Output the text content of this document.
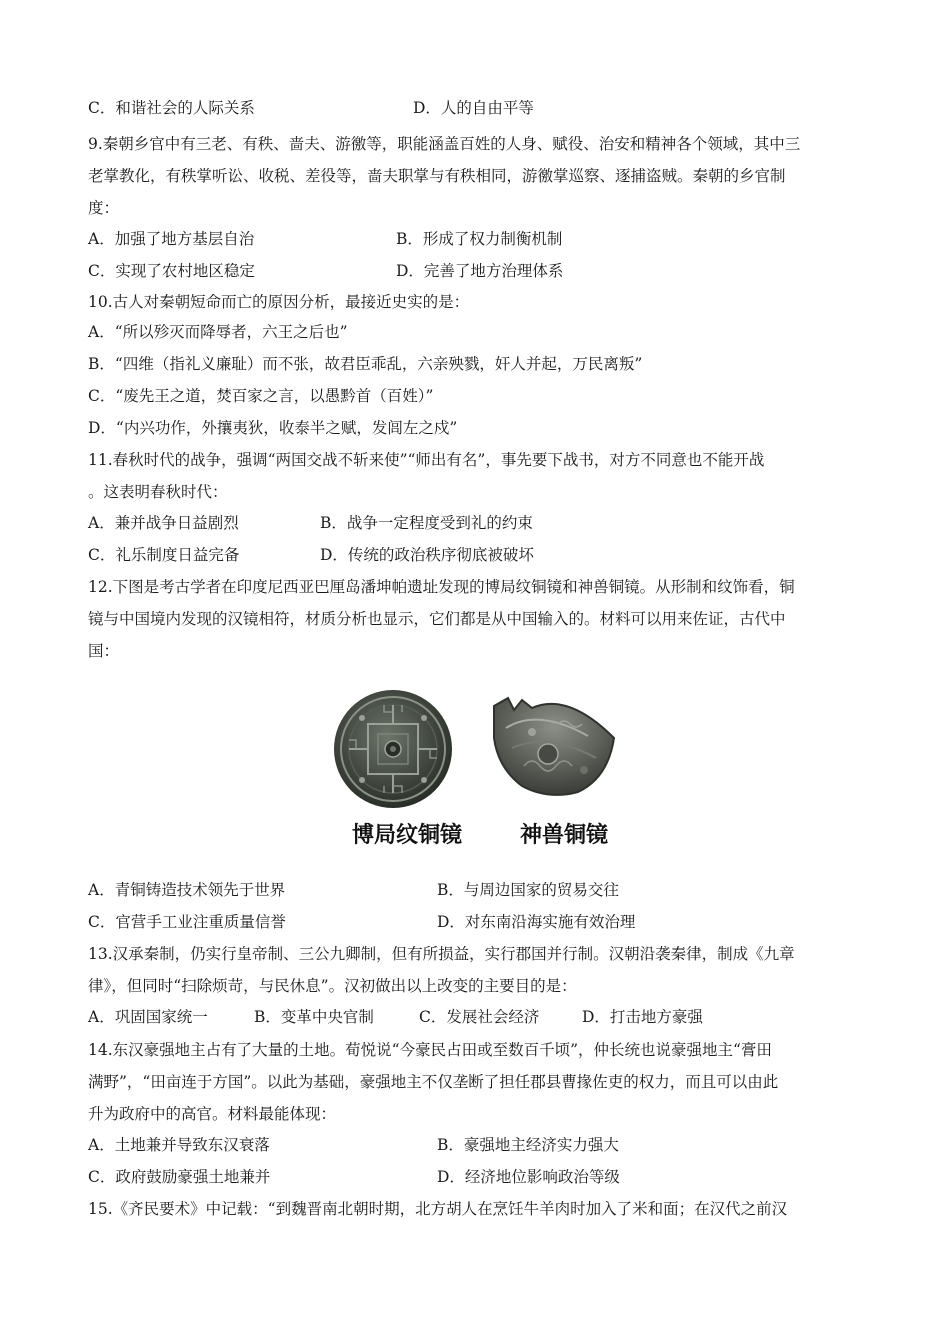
C．和谐社会的人际关系	D．人的自由平等
9.秦朝乡官中有三老、有秩、啬夫、游徼等，职能涵盖百姓的人身、赋役、治安和精神各个领域，其中三
老掌教化，有秩掌听讼、收税、差役等，啬夫职掌与有秩相同，游徼掌巡察、逐捕盗贼。秦朝的乡官制
度：
A．加强了地方基层自治	B．形成了权力制衡机制
C．实现了农村地区稳定	D．完善了地方治理体系
10.古人对秦朝短命而亡的原因分析，最接近史实的是：
A．“所以殄灭而降辱者，六王之后也”
B．“四维（指礼义廉耻）而不张，故君臣乖乱，六亲殃戮，奸人并起，万民离叛”
C．“废先王之道，焚百家之言，以愚黔首（百姓）”
D．“内兴功作，外攘夷狄，收泰半之赋，发闾左之戍”
11.春秋时代的战争，强调“两国交战不斩来使”“师出有名”，事先要下战书，对方不同意也不能开战
。这表明春秋时代：
A．兼并战争日益剧烈	B．战争一定程度受到礼的约束
C．礼乐制度日益完备	D．传统的政治秩序彻底被破坏
12.下图是考古学者在印度尼西亚巴厘岛潘坤帕遗址发现的博局纹铜镜和神兽铜镜。从形制和纹饰看，铜
镜与中国境内发现的汉镜相符，材质分析也显示，它们都是从中国输入的。材料可以用来佐证，古代中
国：
博局纹铜镜	神兽铜镜
A．青铜铸造技术领先于世界	B．与周边国家的贸易交往
C．官营手工业注重质量信誉	D．对东南沿海实施有效治理
13.汉承秦制，仍实行皇帝制、三公九卿制，但有所损益，实行郡国并行制。汉朝沿袭秦律，制成《九章
律》，但同时“扫除烦苛，与民休息”。汉初做出以上改变的主要目的是：
A．巩固国家统一	B．变革中央官制	C．发展社会经济	D．打击地方豪强
14.东汉豪强地主占有了大量的土地。荀悦说“今豪民占田或至数百千顷”，仲长统也说豪强地主“膏田
满野”，“田亩连于方国”。以此为基础，豪强地主不仅垄断了担任郡县曹掾佐吏的权力，而且可以由此
升为政府中的高官。材料最能体现：
A．土地兼并导致东汉衰落	B．豪强地主经济实力强大
C．政府鼓励豪强土地兼并	D．经济地位影响政治等级
15.《齐民要术》中记载：“到魏晋南北朝时期，北方胡人在烹饪牛羊肉时加入了米和面；在汉代之前汉
